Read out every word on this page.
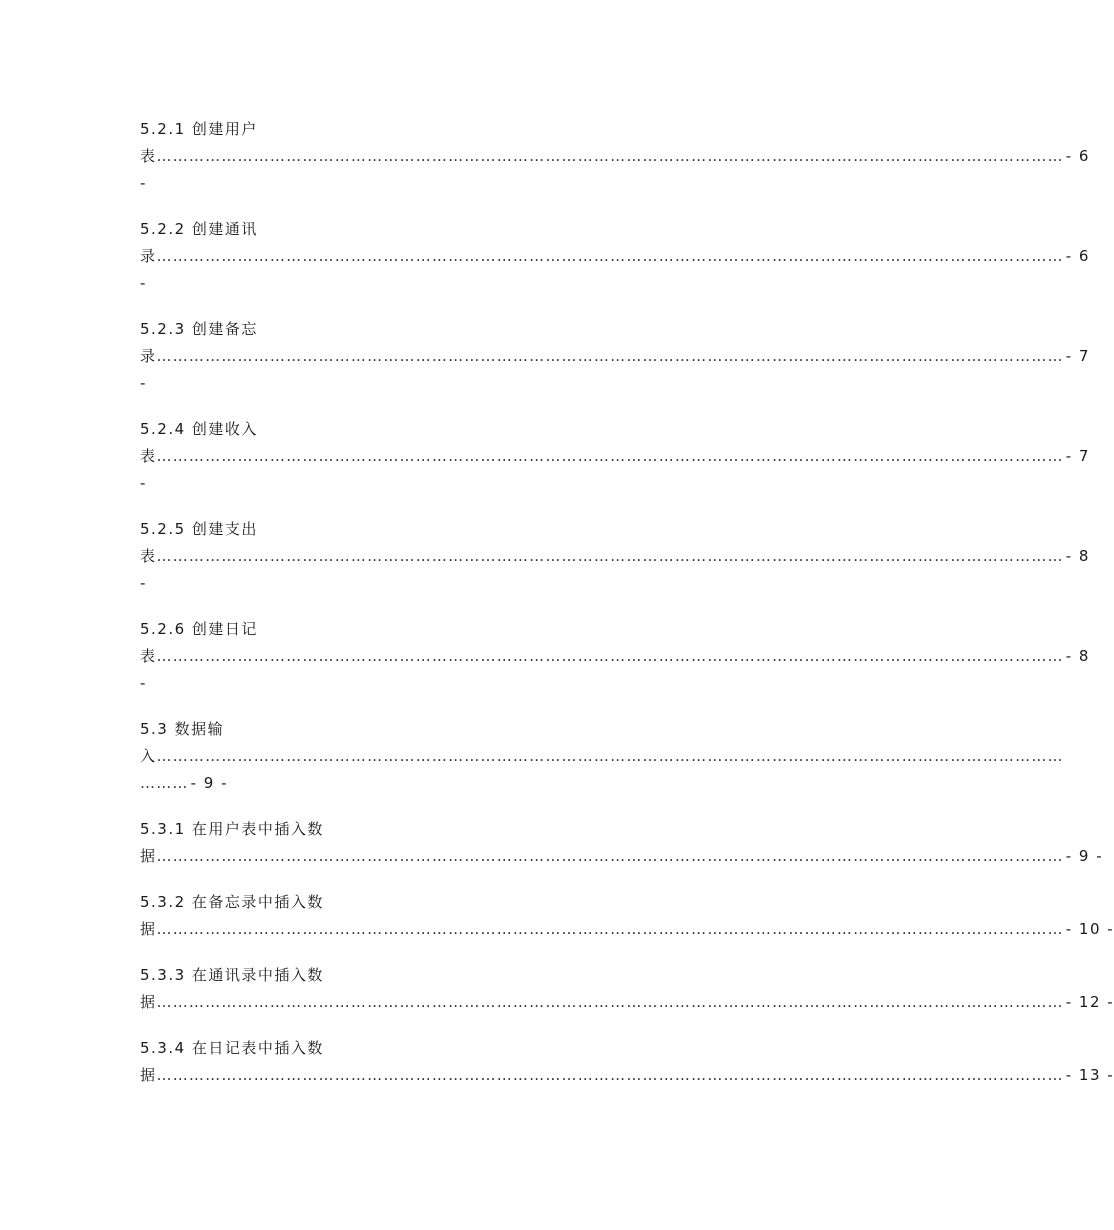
5.2.1 创建用户
表 …………………………………………………………………………………………………………………………………………………… - 6
-
5.2.2 创建通讯
录 …………………………………………………………………………………………………………………………………………………… - 6
-
5.2.3 创建备忘
录 …………………………………………………………………………………………………………………………………………………… - 7
-
5.2.4 创建收入
表 …………………………………………………………………………………………………………………………………………………… - 7
-
5.2.5 创建支出
表 …………………………………………………………………………………………………………………………………………………… - 8
-
5.2.6 创建日记
表 …………………………………………………………………………………………………………………………………………………… - 8
-
5.3 数据输
入 ……………………………………………………………………………………………………………………………………………………
……… - 9 -
5.3.1 在用户表中插入数
据 …………………………………………………………………………………………………………………………………………………… - 9 -
5.3.2 在备忘录中插入数
据 …………………………………………………………………………………………………………………………………………………… - 10 -
5.3.3 在通讯录中插入数
据 …………………………………………………………………………………………………………………………………………………… - 12 -
5.3.4 在日记表中插入数
据 …………………………………………………………………………………………………………………………………………………… - 13 -
